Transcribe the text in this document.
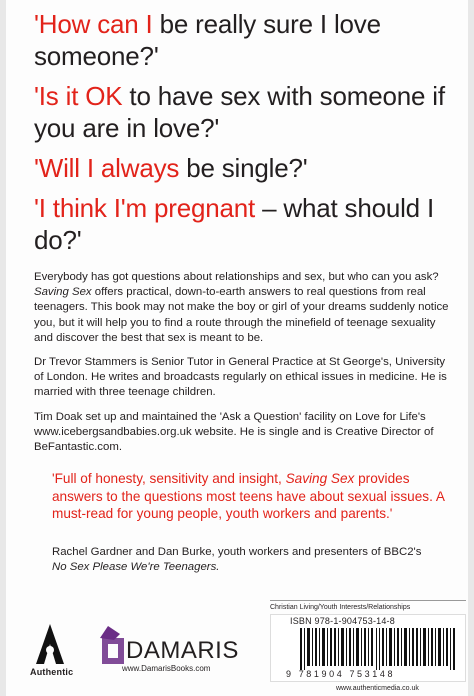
'How can I be really sure I love someone?'
'Is it OK to have sex with someone if you are in love?'
'Will I always be single?'
'I think I'm pregnant – what should I do?'

Everybody has got questions about relationships and sex, but who can you ask? Saving Sex offers practical, down-to-earth answers to real questions from real teenagers. This book may not make the boy or girl of your dreams suddenly notice you, but it will help you to find a route through the minefield of teenage sexuality and discover the best that sex is meant to be.

Dr Trevor Stammers is Senior Tutor in General Practice at St George's, University of London. He writes and broadcasts regularly on ethical issues in medicine. He is married with three teenage children.

Tim Doak set up and maintained the 'Ask a Question' facility on Love for Life's www.icebergsandbabies.org.uk website. He is single and is Creative Director of BeFantastic.com.

'Full of honesty, sensitivity and insight, Saving Sex provides answers to the questions most teens have about sexual issues. A must-read for young people, youth workers and parents.'
Rachel Gardner and Dan Burke, youth workers and presenters of BBC2's
No Sex Please We're Teenagers.
Christian Living/Youth Interests/Relationships
ISBN 978-1-904753-14-8
9 781904 753148
www.authenticmedia.co.uk
Authentic
DAMARIS
www.DamarisBooks.com
